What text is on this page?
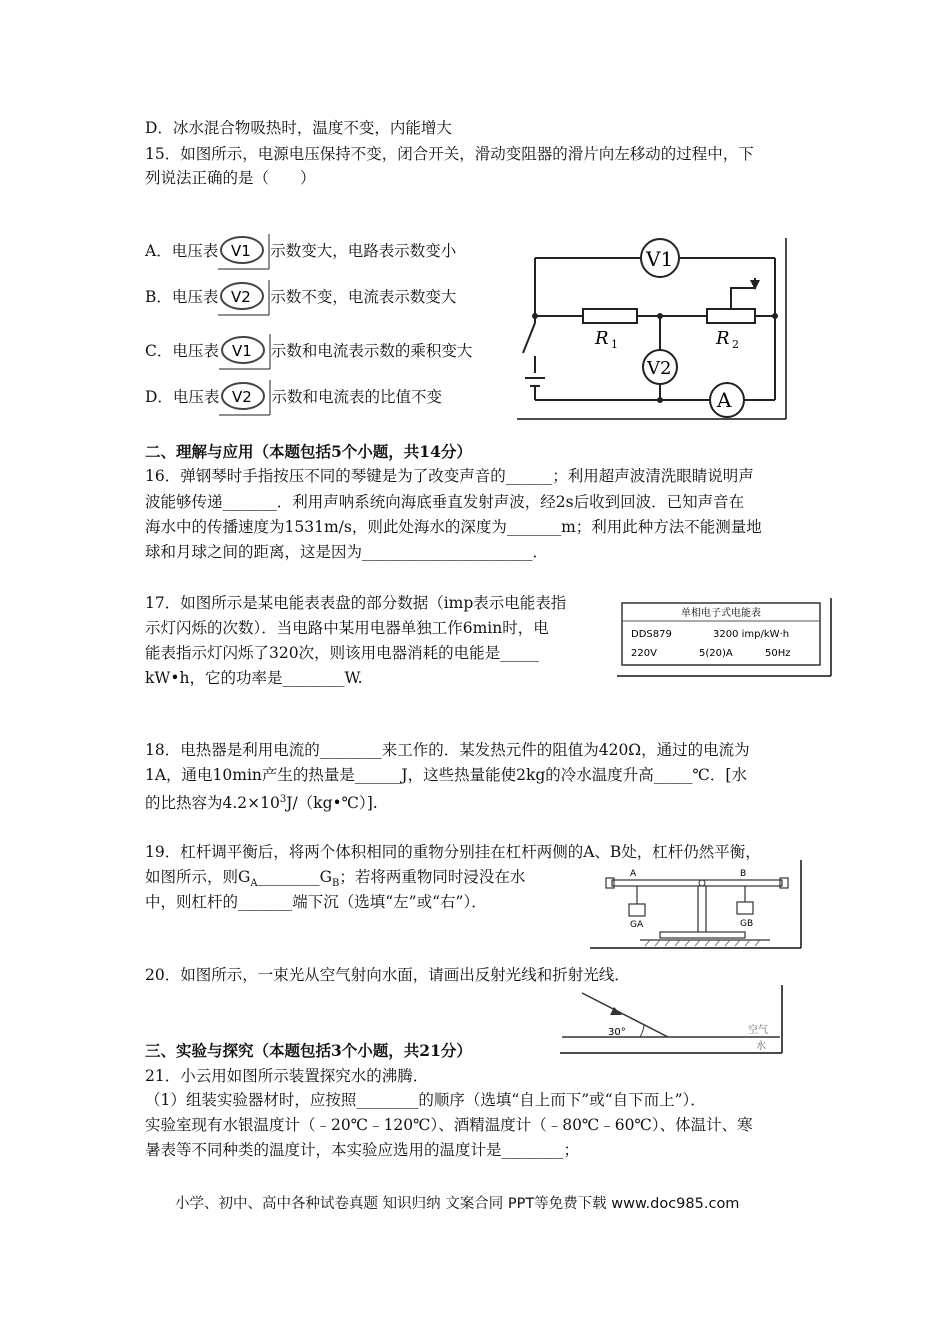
D．冰水混合物吸热时，温度不变，内能增大
15．如图所示，电源电压保持不变，闭合开关，滑动变阻器的滑片向左移动的过程中，下
列说法正确的是（　　）
A．电压表 V1 示数变大，电路表示数变小
B．电压表 V2 示数不变，电流表示数变大
C．电压表 V1 示数和电流表示数的乘积变大
D．电压表 V2 示数和电流表的比值不变
V1
V2
A
R 1	R 2
二、理解与应用（本题包括5个小题，共14分）
16．弹钢琴时手指按压不同的琴键是为了改变声音的______；利用超声波清洗眼睛说明声
波能够传递_______．利用声呐系统向海底垂直发射声波，经2s后收到回波．已知声音在
海水中的传播速度为1531m/s，则此处海水的深度为_______m；利用此种方法不能测量地
球和月球之间的距离，这是因为______________________．
17．如图所示是某电能表表盘的部分数据（imp表示电能表指
示灯闪烁的次数）．当电路中某用电器单独工作6min时，电
能表指示灯闪烁了320次，则该用电器消耗的电能是_____
kW•h，它的功率是________W.
单相电子式电能表
DDS879	3200 imp/kW·h
220V	5(20)A	50Hz
18．电热器是利用电流的________来工作的．某发热元件的阻值为420Ω，通过的电流为
1A，通电10min产生的热量是______J，这些热量能使2kg的冷水温度升高_____℃．[水
的比热容为$4.2\times 10^3J/(kg•℃)$].
19．杠杆调平衡后，将两个体积相同的重物分别挂在杠杆两侧的A、B处，杠杆仍然平衡，
如图所示，则$G_A\_\_\_\_\_\_\_\_G_B$；若将两重物同时浸没在水
中，则杠杆的_______端下沉（选填“左”或“右”）．
A	B
GA	GB
20．如图所示，一束光从空气射向水面，请画出反射光线和折射光线．
30°	空气
水
三、实验与探究（本题包括3个小题，共21分）
21．小云用如图所示装置探究水的沸腾．
（1）组装实验器材时，应按照________的顺序（选填“自上而下”或“自下而上”）．
实验室现有水银温度计（﹣20℃﹣120℃）、酒精温度计（﹣80℃﹣60℃）、体温计、寒
暑表等不同种类的温度计，本实验应选用的温度计是________；
小学、初中、高中各种试卷真题 知识归纳 文案合同 PPT等免费下载 www.doc985.com
